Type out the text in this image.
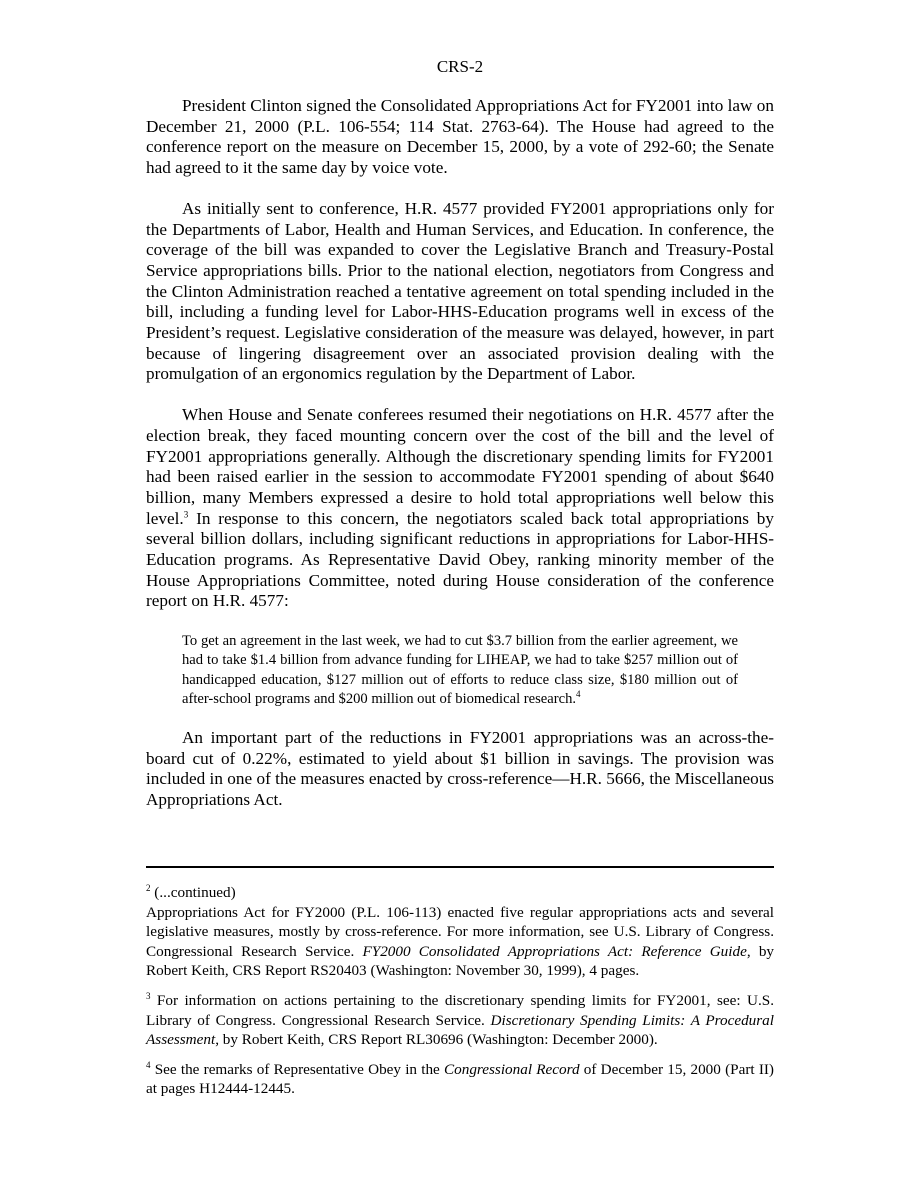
CRS-2

President Clinton signed the Consolidated Appropriations Act for FY2001 into law on December 21, 2000 (P.L. 106-554; 114 Stat. 2763-64). The House had agreed to the conference report on the measure on December 15, 2000, by a vote of 292-60; the Senate had agreed to it the same day by voice vote.

As initially sent to conference, H.R. 4577 provided FY2001 appropriations only for the Departments of Labor, Health and Human Services, and Education. In conference, the coverage of the bill was expanded to cover the Legislative Branch and Treasury-Postal Service appropriations bills. Prior to the national election, negotiators from Congress and the Clinton Administration reached a tentative agreement on total spending included in the bill, including a funding level for Labor-HHS-Education programs well in excess of the President’s request. Legislative consideration of the measure was delayed, however, in part because of lingering disagreement over an associated provision dealing with the promulgation of an ergonomics regulation by the Department of Labor.

When House and Senate conferees resumed their negotiations on H.R. 4577 after the election break, they faced mounting concern over the cost of the bill and the level of FY2001 appropriations generally. Although the discretionary spending limits for FY2001 had been raised earlier in the session to accommodate FY2001 spending of about $640 billion, many Members expressed a desire to hold total appropriations well below this level.$^3$ In response to this concern, the negotiators scaled back total appropriations by several billion dollars, including significant reductions in appropriations for Labor-HHS-Education programs. As Representative David Obey, ranking minority member of the House Appropriations Committee, noted during House consideration of the conference report on H.R. 4577:

To get an agreement in the last week, we had to cut $3.7 billion from the earlier agreement, we had to take $1.4 billion from advance funding for LIHEAP, we had to take $257 million out of handicapped education, $127 million out of efforts to reduce class size, $180 million out of after-school programs and $200 million out of biomedical research.$^4$

An important part of the reductions in FY2001 appropriations was an across-the-board cut of 0.22%, estimated to yield about $1 billion in savings. The provision was included in one of the measures enacted by cross-reference—H.R. 5666, the Miscellaneous Appropriations Act.

$^2$ (...continued)
Appropriations Act for FY2000 (P.L. 106-113) enacted five regular appropriations acts and several legislative measures, mostly by cross-reference. For more information, see U.S. Library of Congress. Congressional Research Service. FY2000 Consolidated Appropriations Act: Reference Guide, by Robert Keith, CRS Report RS20403 (Washington: November 30, 1999), 4 pages.
$^3$ For information on actions pertaining to the discretionary spending limits for FY2001, see: U.S. Library of Congress. Congressional Research Service. Discretionary Spending Limits: A Procedural Assessment, by Robert Keith, CRS Report RL30696 (Washington: December 2000).
$^4$ See the remarks of Representative Obey in the Congressional Record of December 15, 2000 (Part II) at pages H12444-12445.
